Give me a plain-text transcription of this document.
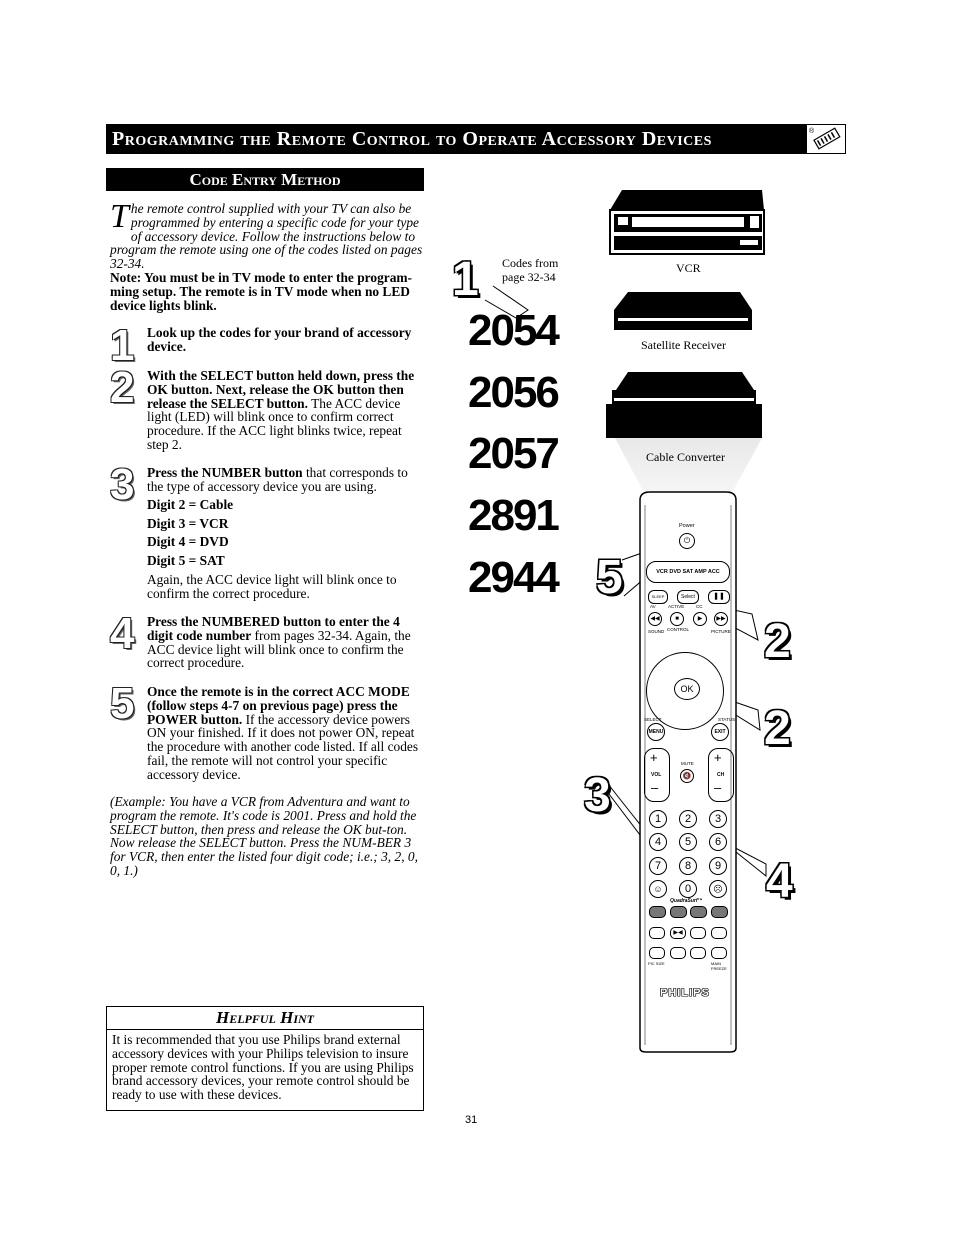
Programming the Remote Control to Operate Accessory Devices	®
Code Entry Method
The remote control supplied with your TV can also be programmed by entering a specific code for your type of accessory device. Follow the instructions below to program the remote using one of the codes listed on pages 32-34.
Note: You must be in TV mode to enter the program-ming setup. The remote is in TV mode when no LED device lights blink.
1 Look up the codes for your brand of accessory device.
2 With the SELECT button held down, press the OK button. Next, release the OK button then release the SELECT button. The ACC device light (LED) will blink once to confirm correct procedure. If the ACC light blinks twice, repeat step 2.
3 Press the NUMBER button that corresponds to the type of accessory device you are using.
Digit 2 = Cable
Digit 3 = VCR
Digit 4 = DVD
Digit 5 = SAT
Again, the ACC device light will blink once to confirm the correct procedure.
4 Press the NUMBERED button to enter the 4 digit code number from pages 32-34. Again, the ACC device light will blink once to confirm the correct procedure.
5 Once the remote is in the correct ACC MODE (follow steps 4-7 on previous page) press the POWER button. If the accessory device powers ON your finished. If it does not power ON, repeat the procedure with another code listed. If all codes fail, the remote will not control your specific accessory device.
(Example: You have a VCR from Adventura and want to program the remote. It's code is 2001. Press and hold the SELECT button, then press and release the OK but-ton. Now release the SELECT button. Press the NUM-BER 3 for VCR, then enter the listed four digit code; i.e.; 3, 2, 0, 0, 1.)
Helpful Hint
It is recommended that you use Philips brand external accessory devices with your Philips television to insure proper remote control functions. If you are using Philips brand accessory devices, your remote control should be ready to use with these devices.
31
VCR
Satellite Receiver
Cable Converter
Codes from page 32-34
2054
2056
2057
2891
2944
1
5
2
2
3
4
Power
⏻
VCR DVD SAT AMP ACC
SLEEP	Select	❚❚
AV	ACTIVE	CC
◀◀	■	▶	▶▶
SOUND CONTROL	PICTURE
OK
SELECT	STATUS
MENU	EXIT
+
VOL
–
MUTE
🔇
+
CH
–
1	2	3
4	5	6
7	8	9
☺	0	☹
QuadraSurf™
▶◀
PIC SIZE	MAIN FREEZE
PHILIPS
